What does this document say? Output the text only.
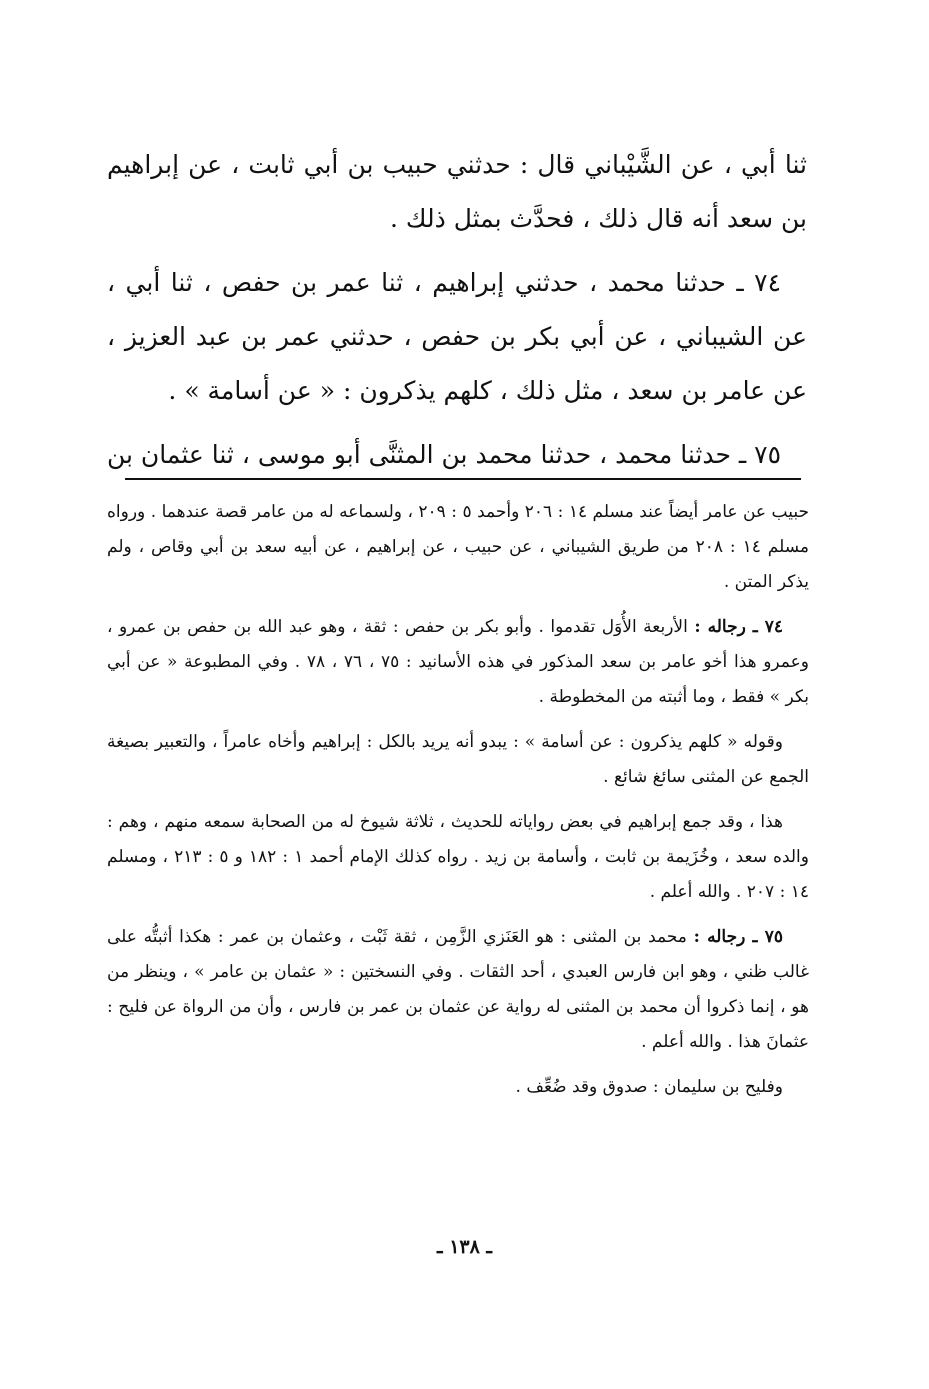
ثنا أبي ، عن الشَّيْباني قال : حدثني حبيب بن أبي ثابت ، عن إبراهيم بن سعد أنه قال ذلك ، فحدَّث بمثل ذلك .

٧٤ ـ حدثنا محمد ، حدثني إبراهيم ، ثنا عمر بن حفص ، ثنا أبي ، عن الشيباني ، عن أبي بكر بن حفص ، حدثني عمر بن عبد العزيز ، عن عامر بن سعد ، مثل ذلك ، كلهم يذكرون : « عن أسامة » .

٧٥ ـ حدثنا محمد ، حدثنا محمد بن المثنَّى أبو موسى ، ثنا عثمان بن

حبيب عن عامر أيضاً عند مسلم ١٤ : ٢٠٦ وأحمد ٥ : ٢٠٩ ، ولسماعه له من عامر قصة عندهما . ورواه مسلم ١٤ : ٢٠٨ من طريق الشيباني ، عن حبيب ، عن إبراهيم ، عن أبيه سعد بن أبي وقاص ، ولم يذكر المتن .

٧٤ ـ رجاله : الأربعة الأُوَل تقدموا . وأبو بكر بن حفص : ثقة ، وهو عبد الله بن حفص بن عمرو ، وعمرو هذا أخو عامر بن سعد المذكور في هذه الأسانيد : ٧٥ ، ٧٦ ، ٧٨ . وفي المطبوعة « عن أبي بكر » فقط ، وما أثبته من المخطوطة .

وقوله « كلهم يذكرون : عن أسامة » : يبدو أنه يريد بالكل : إبراهيم وأخاه عامراً ، والتعبير بصيغة الجمع عن المثنى سائغ شائع .

هذا ، وقد جمع إبراهيم في بعض رواياته للحديث ، ثلاثة شيوخ له من الصحابة سمعه منهم ، وهم : والده سعد ، وخُزَيمة بن ثابت ، وأسامة بن زيد . رواه كذلك الإمام أحمد ١ : ١٨٢ و ٥ : ٢١٣ ، ومسلم ١٤ : ٢٠٧ . والله أعلم .

٧٥ ـ رجاله : محمد بن المثنى : هو العَنَزي الزَّمِن ، ثقة ثَبْت ، وعثمان بن عمر : هكذا أثبتُّه على غالب ظني ، وهو ابن فارس العبدي ، أحد الثقات . وفي النسختين : « عثمان بن عامر » ، وينظر من هو ، إنما ذكروا أن محمد بن المثنى له رواية عن عثمان بن عمر بن فارس ، وأن من الرواة عن فليح : عثمانَ هذا . والله أعلم .

وفليح بن سليمان : صدوق وقد ضُعِّف .

ـ ١٣٨ ـ
